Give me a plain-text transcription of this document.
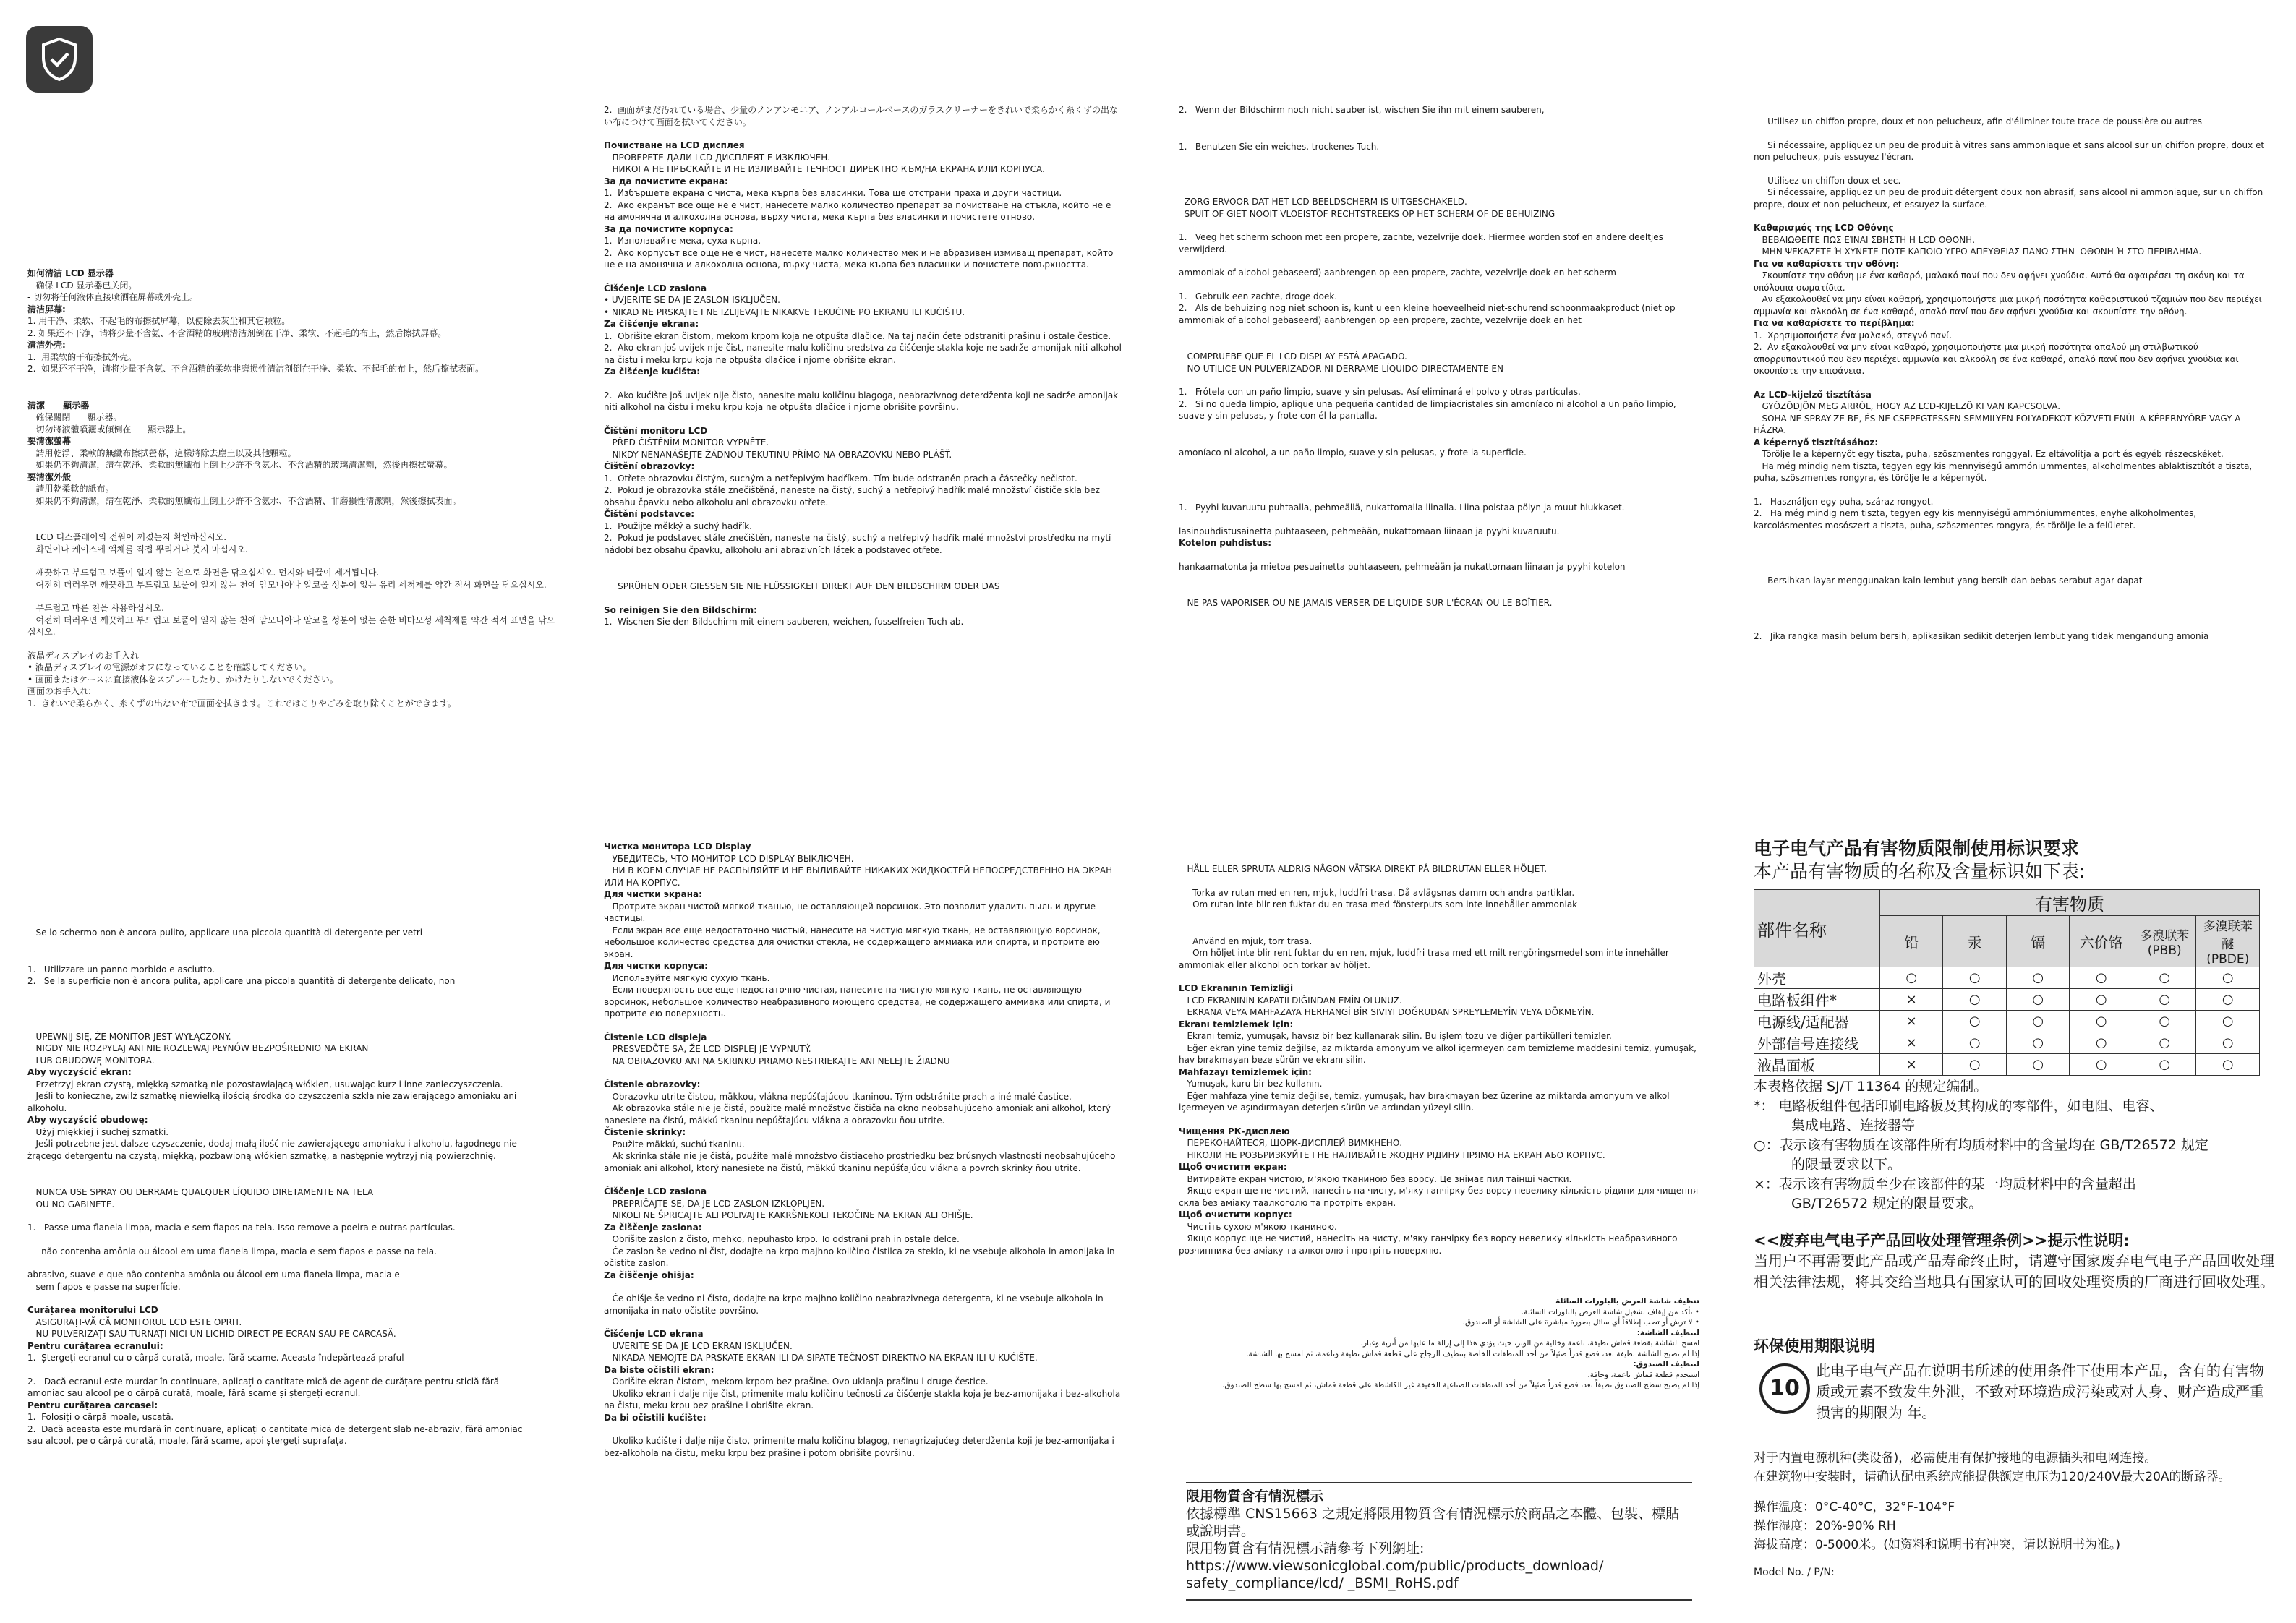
如何清洁 LCD 显示器

确保 LCD 显示器已关闭。

- 切勿将任何液体直接喷洒在屏幕或外壳上。

清洁屏幕:

1. 用干净、柔软、不起毛的布擦拭屏幕，以便除去灰尘和其它颗粒。

2. 如果还不干净，请将少量不含氨、不含酒精的玻璃清洁剂倒在干净、柔软、不起毛的布上，然后擦拭屏幕。

清洁外壳:

1.  用柔软的干布擦拭外壳。

2.  如果还不干净，请将少量不含氨、不含酒精的柔软非磨损性清洁剂倒在干净、柔软、不起毛的布上，然后擦拭表面。

清潔      顯示器

確保關閉      顯示器。

切勿將液體噴灑或傾倒在      顯示器上。

要清潔螢幕

請用乾淨、柔軟的無纖布擦拭螢幕，這樣將除去塵土以及其他顆粒。

如果仍不夠清潔，請在乾淨、柔軟的無纖布上倒上少許不含氨水、不含酒精的玻璃清潔劑，然後再擦拭螢幕。

要清潔外殼

請用乾柔軟的紙布。

如果仍不夠清潔，請在乾淨、柔軟的無纖布上倒上少許不含氨水、不含酒精、非磨損性清潔劑，然後擦拭表面。

LCD 디스플레이의 전원이 꺼졌는지 확인하십시오.

화면이나 케이스에 액체를 직접 뿌리거나 붓지 마십시오.

깨끗하고 부드럽고 보풀이 일지 않는 천으로 화면을 닦으십시오. 먼지와 티끌이 제거됩니다.

여전히 더러우면 깨끗하고 부드럽고 보풀이 일지 않는 천에 암모니아나 알코올 성분이 없는 유리 세척제를 약간 적셔 화면을 닦으십시오.

부드럽고 마른 천을 사용하십시오.

여전히 더러우면 깨끗하고 부드럽고 보풀이 일지 않는 천에 암모니아나 알코올 성분이 없는 순한 비마모성 세척제를 약간 적셔 표면을 닦으십시오.

液晶ディスプレイのお手入れ

• 液晶ディスプレイの電源がオフになっていることを確認してください。

• 画面またはケースに直接液体をスプレーしたり、かけたりしないでください。

画面のお手入れ:

1.  きれいで柔らかく、糸くずの出ない布で画面を拭きます。これではこりやごみを取り除くことができます。

Se lo schermo non è ancora pulito, applicare una piccola quantità di detergente per vetri

1.   Utilizzare un panno morbido e asciutto.

2.   Se la superficie non è ancora pulita, applicare una piccola quantità di detergente delicato, non

UPEWNIJ SIĘ, ŻE MONITOR JEST WYŁĄCZONY.

NIGDY NIE ROZPYLAJ ANI NIE ROZLEWAJ PŁYNÓW BEZPOŚREDNIO NA EKRAN

LUB OBUDOWĘ MONITORA.

Aby wyczyścić ekran:

Przetrzyj ekran czystą, miękką szmatką nie pozostawiającą włókien, usuwając kurz i inne zanieczyszczenia.

Jeśli to konieczne, zwilż szmatkę niewielką ilością środka do czyszczenia szkła nie zawierającego amoniaku ani alkoholu.

Aby wyczyścić obudowę:

Użyj miękkiej i suchej szmatki.

Jeśli potrzebne jest dalsze czyszczenie, dodaj małą ilość nie zawierającego amoniaku i alkoholu, łagodnego nie żrącego detergentu na czystą, miękką, pozbawioną włókien szmatkę, a następnie wytrzyj nią powierzchnię.

NUNCA USE SPRAY OU DERRAME QUALQUER LÍQUIDO DIRETAMENTE NA TELA

OU NO GABINETE.

1.   Passe uma flanela limpa, macia e sem fiapos na tela. Isso remove a poeira e outras partículas.

não contenha amônia ou álcool em uma flanela limpa, macia e sem fiapos e passe na tela.

abrasivo, suave e que não contenha amônia ou álcool em uma flanela limpa, macia e

sem fiapos e passe na superfície.

Curățarea monitorului LCD

ASIGURAȚI-VĂ CĂ MONITORUL LCD ESTE OPRIT.

NU PULVERIZAȚI SAU TURNAȚI NICI UN LICHID DIRECT PE ECRAN SAU PE CARCASĂ.

Pentru curățarea ecranului:

1.  Ștergeți ecranul cu o cârpă curată, moale, fără scame. Aceasta îndepărtează praful

2.   Dacă ecranul este murdar în continuare, aplicați o cantitate mică de agent de curățare pentru sticlă fără amoniac sau alcool pe o cârpă curată, moale, fără scame și ștergeți ecranul.

Pentru curățarea carcasei:

1.  Folosiți o cârpă moale, uscată.

2.  Dacă aceasta este murdară în continuare, aplicați o cantitate mică de detergent slab ne-abraziv, fără amoniac sau alcool, pe o cârpă curată, moale, fără scame, apoi ștergeți suprafața.

2.  画面がまだ汚れている場合、少量のノンアンモニア、ノンアルコールベースのガラスクリーナーをきれいで柔らかく糸くずの出ない布につけて画面を拭いてください。

Почистване на LCD дисплея

ПРОВЕРЕТЕ ДАЛИ LCD ДИСПЛЕЯТ Е ИЗКЛЮЧЕН.

НИКОГА НЕ ПРЪСКАЙТЕ И НЕ ИЗЛИВАЙТЕ ТЕЧНОСТ ДИРЕКТНО КЪМ/НА ЕКРАНА ИЛИ КОРПУСА.

За да почистите екрана:

1.  Избършете екрана с чиста, мека кърпа без власинки. Това ще отстрани праха и други частици.

2.  Ако екранът все още не е чист, нанесете малко количество препарат за почистване на стъкла, който не е на амонячна и алкохолна основа, върху чиста, мека кърпа без власинки и почистете отново.

За да почистите корпуса:

1.  Използвайте мека, суха кърпа.

2.  Ако корпусът все още не е чист, нанесете малко количество мек и не абразивен измиващ препарат, който не е на амонячна и алкохолна основа, върху чиста, мека кърпа без власинки и почистете повърхността.

Čišćenje LCD zaslona

• UVJERITE SE DA JE ZASLON ISKLJUČEN.

• NIKAD NE PRSKAJTE I NE IZLIJEVAJTE NIKAKVE TEKUĆINE PO EKRANU ILI KUĆIŠTU.

Za čišćenje ekrana:

1.  Obrišite ekran čistom, mekom krpom koja ne otpušta dlačice. Na taj način ćete odstraniti prašinu i ostale čestice.

2.  Ako ekran još uvijek nije čist, nanesite malu količinu sredstva za čišćenje stakla koje ne sadrže amonijak niti alkohol na čistu i meku krpu koja ne otpušta dlačice i njome obrišite ekran.

Za čišćenje kućišta:

2.  Ako kućište još uvijek nije čisto, nanesite malu količinu blagoga, neabrazivnog deterdženta koji ne sadrže amonijak niti alkohol na čistu i meku krpu koja ne otpušta dlačice i njome obrišite površinu.

Čištění monitoru LCD

PŘED ČIŠTĚNÍM MONITOR VYPNĚTE.

NIKDY NENANÁŠEJTE ŽÁDNOU TEKUTINU PŘÍMO NA OBRAZOVKU NEBO PLÁŠŤ.

Čištění obrazovky:

1.  Otřete obrazovku čistým, suchým a netřepivým hadříkem. Tím bude odstraněn prach a částečky nečistot.

2.  Pokud je obrazovka stále znečištěná, naneste na čistý, suchý a netřepivý hadřík malé množství čističe skla bez obsahu čpavku nebo alkoholu ani obrazovku otřete.

Čištění podstavce:

1.  Použijte měkký a suchý hadřík.

2.  Pokud je podstavec stále znečištěn, naneste na čistý, suchý a netřepivý hadřík malé množství prostředku na mytí nádobí bez obsahu čpavku, alkoholu ani abrazivních látek a podstavec otřete.

SPRÜHEN ODER GIESSEN SIE NIE FLÜSSIGKEIT DIREKT AUF DEN BILDSCHIRM ODER DAS

So reinigen Sie den Bildschirm:

1.  Wischen Sie den Bildschirm mit einem sauberen, weichen, fusselfreien Tuch ab.

Чистка монитора LCD Display

УБЕДИТЕСЬ, ЧТО МОНИТОР LCD DISPLAY ВЫКЛЮЧЕН.

НИ В КОЕМ СЛУЧАЕ НЕ РАСПЫЛЯЙТЕ И НЕ ВЫЛИВАЙТЕ НИКАКИХ ЖИДКОСТЕЙ НЕПОСРЕДСТВЕННО НА ЭКРАН ИЛИ НА КОРПУС.

Для чистки экрана:

Протрите экран чистой мягкой тканью, не оставляющей ворсинок. Это позволит удалить пыль и другие частицы.

Если экран все еще недостаточно чистый, нанесите на чистую мягкую ткань, не оставляющую ворсинок, небольшое количество средства для очистки стекла, не содержащего аммиака или спирта, и протрите ею экран.

Для чистки корпуса:

Используйте мягкую сухую ткань.

Если поверхность все еще недостаточно чистая, нанесите на чистую мягкую ткань, не оставляющую ворсинок, небольшое количество неабразивного моющего средства, не содержащего аммиака или спирта, и протрите ею поверхность.

Čistenie LCD displeja

PRESVEDČTE SA, ŽE LCD DISPLEJ JE VYPNUTÝ.

NA OBRAZOVKU ANI NA SKRINKU PRIAMO NESTRIEKAJTE ANI NELEJTE ŽIADNU

Čistenie obrazovky:

Obrazovku utrite čistou, mäkkou, vlákna nepúšťajúcou tkaninou. Tým odstránite prach a iné malé častice.

Ak obrazovka stále nie je čistá, použite malé množstvo čističa na okno neobsahujúceho amoniak ani alkohol, ktorý nanesiete na čistú, mäkkú tkaninu nepúšťajúcu vlákna a obrazovku ňou utrite.

Čistenie skrinky:

Použite mäkkú, suchú tkaninu.

Ak skrinka stále nie je čistá, použite malé množstvo čistiaceho prostriedku bez brúsnych vlastností neobsahujúceho amoniak ani alkohol, ktorý nanesiete na čistú, mäkkú tkaninu nepúšťajúcu vlákna a povrch skrinky ňou utrite.

Čiščenje LCD zaslona

PREPRIČAJTE SE, DA JE LCD ZASLON IZKLOPLJEN.

NIKOLI NE ŠPRICAJTE ALI POLIVAJTE KAKRŠNEKOLI TEKOČINE NA EKRAN ALI OHIŠJE.

Za čiščenje zaslona:

Obrišite zaslon z čisto, mehko, nepuhasto krpo. To odstrani prah in ostale delce.

Če zaslon še vedno ni čist, dodajte na krpo majhno količino čistilca za steklo, ki ne vsebuje alkohola in amonijaka in očistite zaslon.

Za čiščenje ohišja:

Če ohišje še vedno ni čisto, dodajte na krpo majhno količino neabrazivnega detergenta, ki ne vsebuje alkohola in amonijaka in nato očistite površino.

Čišćenje LCD ekrana

UVERITE SE DA JE LCD EKRAN ISKLJUČEN.

NIKADA NEMOJTE DA PRSKATE EKRAN ILI DA SIPATE TEČNOST DIREKTNO NA EKRAN ILI U KUĆIŠTE.

Da biste očistili ekran:

Obrišite ekran čistom, mekom krpom bez prašine. Ovo uklanja prašinu i druge čestice.

Ukoliko ekran i dalje nije čist, primenite malu količinu tečnosti za čišćenje stakla koja je bez-amonijaka i bez-alkohola na čistu, meku krpu bez prašine i obrišite ekran.

Da bi očistili kućište:

Ukoliko kućište i dalje nije čisto, primenite malu količinu blagog, nenagrizajućeg deterdženta koji je bez-amonijaka i bez-alkohola na čistu, meku krpu bez prašine i potom obrišite površinu.

2.   Wenn der Bildschirm noch nicht sauber ist, wischen Sie ihn mit einem sauberen,

1.   Benutzen Sie ein weiches, trockenes Tuch.

ZORG ERVOOR DAT HET LCD-BEELDSCHERM IS UITGESCHAKELD.

SPUIT OF GIET NOOIT VLOEISTOF RECHTSTREEKS OP HET SCHERM OF DE BEHUIZING

1.   Veeg het scherm schoon met een propere, zachte, vezelvrije doek. Hiermee worden stof en andere deeltjes verwijderd.

ammoniak of alcohol gebaseerd) aanbrengen op een propere, zachte, vezelvrije doek en het scherm

1.   Gebruik een zachte, droge doek.

2.   Als de behuizing nog niet schoon is, kunt u een kleine hoeveelheid niet-schurend schoonmaakproduct (niet op ammoniak of alcohol gebaseerd) aanbrengen op een propere, zachte, vezelvrije doek en het

COMPRUEBE QUE EL LCD DISPLAY ESTÁ APAGADO.

NO UTILICE UN PULVERIZADOR NI DERRAME LÍQUIDO DIRECTAMENTE EN

1.   Frótela con un paño limpio, suave y sin pelusas. Así eliminará el polvo y otras partículas.

2.   Si no queda limpio, aplique una pequeña cantidad de limpiacristales sin amoníaco ni alcohol a un paño limpio, suave y sin pelusas, y frote con él la pantalla.

amoníaco ni alcohol, a un paño limpio, suave y sin pelusas, y frote la superficie.

1.   Pyyhi kuvaruutu puhtaalla, pehmeällä, nukattomalla liinalla. Liina poistaa pölyn ja muut hiukkaset.

lasinpuhdistusainetta puhtaaseen, pehmeään, nukattomaan liinaan ja pyyhi kuvaruutu.

Kotelon puhdistus:

hankaamatonta ja mietoa pesuainetta puhtaaseen, pehmeään ja nukattomaan liinaan ja pyyhi kotelon

NE PAS VAPORISER OU NE JAMAIS VERSER DE LIQUIDE SUR L'ÉCRAN OU LE BOÎTIER.

HÄLL ELLER SPRUTA ALDRIG NÅGON VÄTSKA DIREKT PÅ BILDRUTAN ELLER HÖLJET.

Torka av rutan med en ren, mjuk, luddfri trasa. Då avlägsnas damm och andra partiklar.

Om rutan inte blir ren fuktar du en trasa med fönsterputs som inte innehåller ammoniak

Använd en mjuk, torr trasa.

Om höljet inte blir rent fuktar du en ren, mjuk, luddfri trasa med ett milt rengöringsmedel som inte innehåller ammoniak eller alkohol och torkar av höljet.

LCD Ekranının Temizliği

LCD EKRANININ KAPATILDIĞINDAN EMİN OLUNUZ.

EKRANA VEYA MAHFAZAYA HERHANGİ BİR SIVIYI DOĞRUDAN SPREYLEMEYİN VEYA DÖKMEYİN.

Ekranı temizlemek için:

Ekranı temiz, yumuşak, havsız bir bez kullanarak silin. Bu işlem tozu ve diğer partikülleri temizler.

Eğer ekran yine temiz değilse, az miktarda amonyum ve alkol içermeyen cam temizleme maddesini temiz, yumuşak, hav bırakmayan beze sürün ve ekranı silin.

Mahfazayı temizlemek için:

Yumuşak, kuru bir bez kullanın.

Eğer mahfaza yine temiz değilse, temiz, yumuşak, hav bırakmayan bez üzerine az miktarda amonyum ve alkol içermeyen ve aşındırmayan deterjen sürün ve ardından yüzeyi silin.

Чищення РК-дисплею

ПЕРЕКОНАЙТЕСЯ, ЩОРК-ДИСПЛЕЙ ВИМКНЕНО.

НІКОЛИ НЕ РОЗБРИЗКУЙТЕ І НЕ НАЛИВАЙТЕ ЖОДНУ РІДИНУ ПРЯМО НА ЕКРАН АБО КОРПУС.

Щоб очистити екран:

Витирайте екран чистою, м'якою тканиною без ворсу. Це знімає пил таінші частки.

Якщо екран ще не чистий, нанесіть на чисту, м'яку ганчірку без ворсу невелику кількість рідини для чищення скла без аміаку таалкоголю та протріть екран.

Щоб очистити корпус:

Чистіть сухою м'якою тканиною.

Якщо корпус ще не чистий, нанесіть на чисту, м'яку ганчірку без ворсу невелику кількість неабразивного розчинника без аміаку та алкоголю і протріть поверхню.

تنظيف شاشة العرض بالبلورات السائلة

• تأكد من إيقاف تشغيل شاشة العرض بالبلورات السائلة.

• لا ترش أو تصب إطلاقاً أي سائل بصورة مباشرة على الشاشة أو الصندوق.

لتنظيف الشاشة:

امسح الشاشة بقطعة قماش نظيفة، ناعمة وخالية من الوبر، حيث يؤدي هذا إلى إزالة ما عليها من أتربة وغبار.

إذا لم تصبح الشاشة نظيفة بعد، فضع قدراً ضئيلاً من أحد المنظفات الخاصة بتنظيف الزجاج على قطعة قماش نظيفة وناعمة، ثم امسح بها الشاشة.

لتنظيف الصندوق:

استخدم قطعة قماش ناعمة، وجافة.

إذا لم يصبح سطح الصندوق نظيفاً بعد، فضع قدراً ضئيلاً من أحد المنظفات الصناعية الخفيفة غير الكاشطة على قطعة قماش، ثم امسح بها سطح الصندوق.

Utilisez un chiffon propre, doux et non pelucheux, afin d'éliminer toute trace de poussière ou autres

Si nécessaire, appliquez un peu de produit à vitres sans ammoniaque et sans alcool sur un chiffon propre, doux et non pelucheux, puis essuyez l'écran.

Utilisez un chiffon doux et sec.

Si nécessaire, appliquez un peu de produit détergent doux non abrasif, sans alcool ni ammoniaque, sur un chiffon propre, doux et non pelucheux, et essuyez la surface.

Καθαρισμός της LCD Οθόνης

ΒΕΒΑΙΩΘΕΙΤΕ ΠΩΣ ΕΊΝΑΙ ΣΒΗΣΤΗ Η LCD ΟΘΟΝΗ.

ΜΗΝ ΨΕΚΑΖΕΤΕ Ή ΧΥΝΕΤΕ ΠΟΤΕ ΚΑΠΟΙΟ ΥΓΡΟ ΑΠΕΥΘΕΙΑΣ ΠΑΝΩ ΣΤΗΝ  ΟΘΟΝΗ Ή ΣΤΟ ΠΕΡΙΒΛΗΜΑ.

Για να καθαρίσετε την οθόνη:

Σκουπίστε την οθόνη με ένα καθαρό, μαλακό πανί που δεν αφήνει χνούδια. Αυτό θα αφαιρέσει τη σκόνη και τα υπόλοιπα σωματίδια.

Αν εξακολουθεί να μην είναι καθαρή, χρησιμοποιήστε μια μικρή ποσότητα καθαριστικού τζαμιών που δεν περιέχει αμμωνία και αλκοόλη σε ένα καθαρό, απαλό πανί που δεν αφήνει χνούδια και σκουπίστε την οθόνη.

Για να καθαρίσετε το περίβλημα:

1.  Χρησιμοποιήστε ένα μαλακό, στεγνό πανί.

2.  Αν εξακολουθεί να μην είναι καθαρό, χρησιμοποιήστε μια μικρή ποσότητα απαλού μη στιλβωτικού απορρυπαντικού που δεν περιέχει αμμωνία και αλκοόλη σε ένα καθαρό, απαλό πανί που δεν αφήνει χνούδια και σκουπίστε την επιφάνεια.

Az LCD-kijelző tisztítása

GYŐZŐDJÖN MEG ARRÓL, HOGY AZ LCD-KIJELZŐ KI VAN KAPCSOLVA.

SOHA NE SPRAY-ZE BE, ÉS NE CSEPEGTESSEN SEMMILYEN FOLYADÉKOT KÖZVETLENÜL A KÉPERNYŐRE VAGY A HÁZRA.

A képernyő tisztításához:

Törölje le a képernyőt egy tiszta, puha, szöszmentes ronggyal. Ez eltávolítja a port és egyéb részecskéket.

Ha még mindig nem tiszta, tegyen egy kis mennyiségű ammóniummentes, alkoholmentes ablaktisztítót a tiszta, puha, szöszmentes rongyra, és törölje le a képernyőt.

1.   Használjon egy puha, száraz rongyot.

2.   Ha még mindig nem tiszta, tegyen egy kis mennyiségű ammóniummentes, enyhe alkoholmentes, karcolásmentes mosószert a tiszta, puha, szöszmentes rongyra, és törölje le a felületet.

Bersihkan layar menggunakan kain lembut yang bersih dan bebas serabut agar dapat

2.   Jika rangka masih belum bersih, aplikasikan sedikit deterjen lembut yang tidak mengandung amonia

电子电气产品有害物质限制使用标识要求
本产品有害物质的名称及含量标识如下表:
部件名称	有害物质					
	铅	汞	镉	六价铬	多溴联苯 (PBB)	多溴联苯醚 (PBDE)
外壳	○	○	○	○	○	○
电路板组件*	×	○	○	○	○	○
电源线/适配器	×	○	○	○	○	○
外部信号连接线	×	○	○	○	○	○
液晶面板	×	○	○	○	○	○
本表格依据 SJ/T 11364 的规定编制。
*： 电路板组件包括印刷电路板及其构成的零部件，如电阻、电容、
集成电路、连接器等
○：表示该有害物质在该部件所有均质材料中的含量均在 GB/T26572 规定
的限量要求以下。
×：表示该有害物质至少在该部件的某一均质材料中的含量超出
GB/T26572 规定的限量要求。
<<废弃电气电子产品回收处理管理条例>>提示性说明:
当用户不再需要此产品或产品寿命终止时，请遵守国家废弃电气电子产品回收处理相关法律法规，将其交给当地具有国家认可的回收处理资质的厂商进行回收处理。
环保使用期限说明
10
此电子电气产品在说明书所述的使用条件下使用本产品，含有的有害物质或元素不致发生外泄，不致对环境造成污染或对人身、财产造成严重损害的期限为 年。
对于内置电源机种(类设备)，必需使用有保护接地的电源插头和电网连接。
在建筑物中安装时，请确认配电系统应能提供额定电压为120/240V最大20A的断路器。
操作温度：0°C-40°C，32°F-104°F
操作湿度：20%-90% RH
海拔高度：0-5000米。(如资料和说明书有冲突，请以说明书为准。)
Model No. / P/N:
限用物質含有情況標示
依據標準 CNS15663 之規定將限用物質含有情況標示於商品之本體、包裝、標貼
或說明書。
限用物質含有情況標示請參考下列網址:
https://www.viewsonicglobal.com/public/products_download/
safety_compliance/lcd/ _BSMI_RoHS.pdf
